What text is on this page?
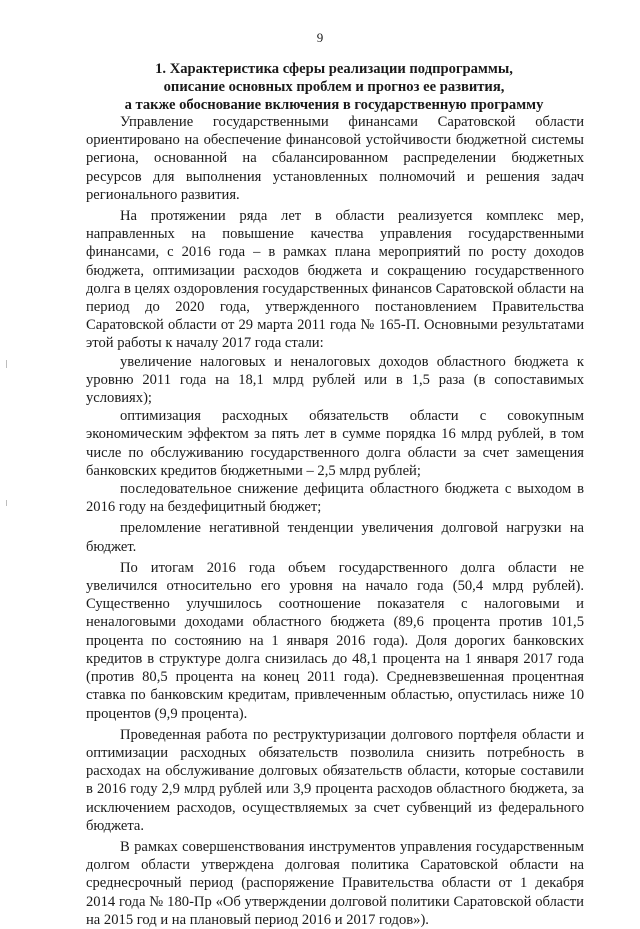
9
1. Характеристика сферы реализации подпрограммы,
описание основных проблем и прогноз ее развития,
а также обоснование включения в государственную программу

Управление государственными финансами Саратовской области ориентировано на обеспечение финансовой устойчивости бюджетной системы региона, основанной на сбалансированном распределении бюджетных ресурсов для выполнения установленных полномочий и решения задач регионального развития.

На протяжении ряда лет в области реализуется комплекс мер, направленных на повышение качества управления государственными финансами, с 2016 года – в рамках плана мероприятий по росту доходов бюджета, оптимизации расходов бюджета и сокращению государственного долга в целях оздоровления государственных финансов Саратовской области на период до 2020 года, утвержденного постановлением Правительства Саратовской области от 29 марта 2011 года № 165-П. Основными результатами этой работы к началу 2017 года стали:

увеличение налоговых и неналоговых доходов областного бюджета к уровню 2011 года на 18,1 млрд рублей или в 1,5 раза (в сопоставимых условиях);

оптимизация расходных обязательств области с совокупным экономическим эффектом за пять лет в сумме порядка 16 млрд рублей, в том числе по обслуживанию государственного долга области за счет замещения банковских кредитов бюджетными – 2,5 млрд рублей;

последовательное снижение дефицита областного бюджета с выходом в 2016 году на бездефицитный бюджет;

преломление негативной тенденции увеличения долговой нагрузки на бюджет.

По итогам 2016 года объем государственного долга области не увеличился относительно его уровня на начало года (50,4 млрд рублей). Существенно улучшилось соотношение показателя с налоговыми и неналоговыми доходами областного бюджета (89,6 процента против 101,5 процента по состоянию на 1 января 2016 года). Доля дорогих банковских кредитов в структуре долга снизилась до 48,1 процента на 1 января 2017 года (против 80,5 процента на конец 2011 года). Средневзвешенная процентная ставка по банковским кредитам, привлеченным областью, опустилась ниже 10 процентов (9,9 процента).

Проведенная работа по реструктуризации долгового портфеля области и оптимизации расходных обязательств позволила снизить потребность в расходах на обслуживание долговых обязательств области, которые составили в 2016 году 2,9 млрд рублей или 3,9 процента расходов областного бюджета, за исключением расходов, осуществляемых за счет субвенций из федерального бюджета.

В рамках совершенствования инструментов управления государственным долгом области утверждена долговая политика Саратовской области на среднесрочный период (распоряжение Правительства области от 1 декабря 2014 года № 180-Пр «Об утверждении долговой политики Саратовской области на 2015 год и на плановый период 2016 и 2017 годов»).
